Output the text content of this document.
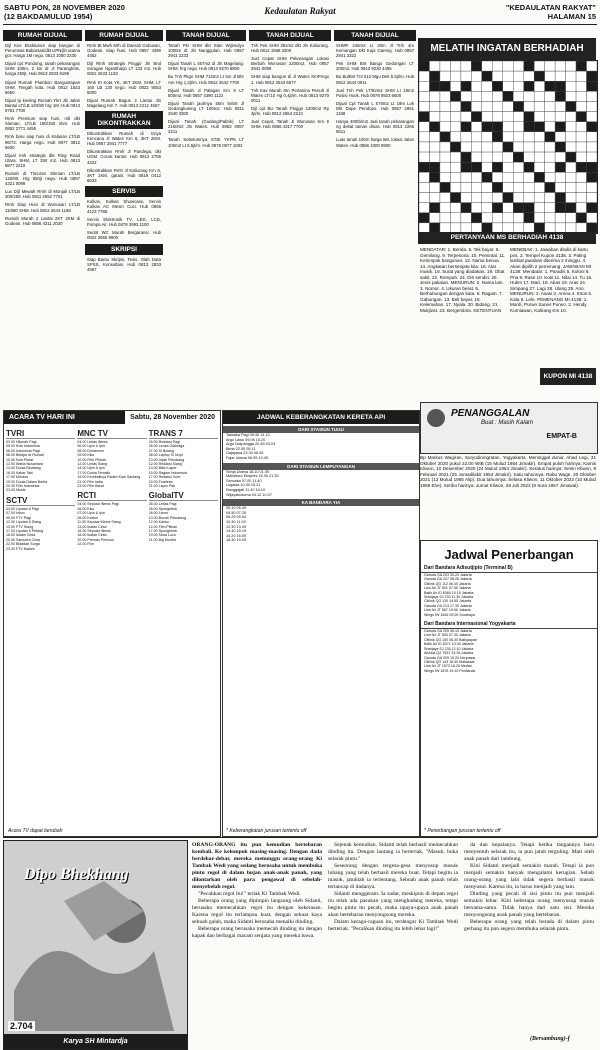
SABTU PON, 28 NOVEMBER 2020
(12 BAKDAMULUD 1954)
Kedaulatan Rakyat	"KEDAULATAN RAKYAT"
HALAMAN 15
RUMAH DIJUAL
Dijl Kos Eksklusive siap bangun di Perumnas Babarsari/dkt UPN/jln utama gor. Harga 1M nego. 0813 1000 2230
Dijual cpt Pundong, tanah pekarangan SHM 100m, 2 km dr Jl Parangtritis, harga 250jt. Hub 0813 2833 8199
Dijual Rumah Plumbon Banguntapan SHM. Tengah kota. Hub 0812 1543 6650
Dijual tp keeling Rumah Ykrt Jln Jalan Bantul LT/LB 120/90 hrg 1M. Hub 0813 9751 7700
Rmh Premium siap huni, mlt dkt Sleman, LT/LB 190/150 shm. Hub 0852 2771 4455
Rmh baru siap huni di Kalasan LT/LB 96/72. Harga nego. Hub 0877 3812 6600
Dijual rmh strategis dkt Ring Road Utara. SHM, LT 250 m2. Hub 0813 9877 2210
Rumah di Timuran Sleman LT/LB 120/80. Hrg 650jt nego. Hub 0857 4321 0099
Lux Dijl Mewah Rmh di Monjali LT/LB 300/250. Hub 0811 2652 7701
Rmh Siap Huni di Wonosari LT/LB 110/80 SHM. Hub 0812 2543 1188
Rumah Murah 2 Lantai 2KT 2KM di Godean. Hub 0856 4311 2020
RUMAH DIJUAL
Rmh Bt Mwh Mrh di Daerah Gobusan, Godean. Siap huni. Hub 0857 4390 4452
Dijl Rmh Strategis Pinggir Jln Bnd Soragan Ngestiharjo LT 133 m2. Hub 0822 2633 1133
Rmh Kt Kota YK, 4KT 2KM, SHM, LT 160 LB 130 nego. Hub 0822 9053 5000
Dijual Rumah Bagus 2 Lantai Jln Magelang Km 7. Hub 0813 2212 4567
RUMAH DIKONTRAKKAN
Dikontrakkan Rumah di Griya Kencana Jl Wates Km 6, 3KT 2KM. Hub 0857 2941 7777
Dikontrakkan Rmh Jl Pandega, dkt UGM. Cocok kantor. Hub 0812 2755 4422
Dikontrakkan Rmh Jl Kaliurang Km 8, 3KT 1KM, garasi. Hub 0818 0412 6633
SERVIS
Kulkas, Kulkas Showcase, Servis Kulkas AC Mesin Cuci. Hub 0856 4123 7788
Servis Elektronik TV, LED, LCD, Pompa Air. Hub 0878 3993 1100
Sedot WC Murah Bergaransi. Hub 0822 2655 9900
SKRIPSI
Siap Bantu Skripsi, Tesis, Olah Data SPSS, Konsultasi. Hub 0813 2833 4567
TANAH DIJUAL
Tanah Pkr SHM dkt Stan Wijimulyo 1000m dt Jln Nanggulan. Hub 0857 2941 2233
Dijual Tanah L 467m2 di Jln Magelang. SHM, hrg nego. Hub 0813 9270 8800
Bu Tnh Pkgn SHM 712m2 Lt 6m Jl Bhr Am Hrg 1,2jt/m. Hub 0812 2542 7700
Dijual Tanah Jl Palagan Km 9 LT 500m2. Hub 0857 4390 1122
Dijual Tanah jauhnya 50m Sebrt Jl Gedongkuning LT 100m2. Hub 0811 2540 3300
Dijual Tanah (Gudang/Pabrik) LT 2160m2 Jln Wates. Hub 0853 0087 2211
Tanah Sebelumnya STIE YKPN LT 100m2 Lt 6,5jt/m. Hub 0878 0977 1002
TANAH DIJUAL
Tnh Pek SHM 391m2 dkt Jln Kaliurang. Hub 0812 1568 3300
Just Cepat SHM Pekarangan Lokasi Berbah Wonosari 2200m2. Hub 0857 2941 0099
SHM siap bangun di Jl Wates KmPrngx 1. Hub 0812 2543 6677
Tnh Kav Murah Stn Pertanina Penuh Jl Wates LT/10 Hg 0,4jt/m. Hub 0813 9270 0011
Dijl cpt BU Tanah Pinggir 1200m2 Rp 4jt/m. Hub 0812 2654 2210
Jual Cepat, Tanah Jl Wonosari Km 9 SHM. Hub 0856 4317 7700
TANAH DIJUAL
SHMP 246m2 Lt 20m Jl Trih 4m Kemangan Dkt Kopi Gareng. Hub 0857 2941 3322
Pek SHM Bnt Bango Gedongan LT 200m2. Hub 0813 9230 4455
Bu Bu/Bnt Tnt 512 Mgu Dek 5.5jt/m. Hub 0812 2544 0911
Jual Tnh Pek LT/92m2 SHM Lt 18m2 Posisi Hook. Hub 0878 0923 6600
Dijual Cpt Tanah L 578m2 Lt 19m Lok Dkt Dupe Pendopo. Hub 0857 2951 1188
Hanya 400rb/m2 Jual tanah pekarangan ng dekat taman dinas. Hub 0813 2266 5511
Luas tanah 100m harga 6M, lokasi Jalan Wates. Hub 0856 4300 9900
MELATIH INGATAN BERHADIAH
PERTANYAAN MS BERHADIAH 4138
MENDATAR: 1. Benda. 5. Tek bayar. 8. Gemilang. 9. Terpesona. 10. Pemintal. 11. Kelompok bangunan. 12. Nama benua. 14. Angkatan bersenjata kita. 16. Alat musik. 18. Surat yang diadakan. 19. Obat sakit. 22. Rempah. 24. Diri sendiri. 25. Jenis pakaian. MENURUN: 2. Nama lain. 3. Nomor. 4. Ukuran berat. 5. Berhubungan dengan kata. 6. Ragam. 7. Gabungan. 13. Beli bayar. 15. Kelemahan. 17. Nyala. 20. Bidang. 21. Mukjizat. 23. Bergembira. KETENTUAN MENEBAK: 1. Jawaban ditulis di kartu pos. 2. Tempel Kupon 4138. 3. Paling lambat jawaban diterima 2 minggu. 4. Akan dipilih 2 pemenang. JAWABAN MI 4138: Mendatar: 1. Paradis 5. Koloni 8. Pria 9. Rase 10. Koki 11. Nilai 14. Tu 16. Hukm 17. Mari. 18. Abas 19. Aras 24. Simpang 27. Lagi 28. Ulang 29. Ano. MENURUN: 2. Asasi 3. Arena 4. Esos 5. Kata 6. Lele. PEMENANG MI 4138: 1. Murdi, Purwo Sanes Purwo. 2. Hendy Kurniawan, Kalirang Km 10.
KUPON MI 4138
PENANGGALAN
Buat : Masih Kalam
EMPAT-B
Bp Markus Wagiran, Suryodiningratan, Yogyakarta. Meninggal dunia: Ahad Legi, 31 Oktober 2020 pukul 22.00 WIB (15 Mulud 1954 Jimakir). Empat puluh harinya: Kamis Kliwon, 10 Desember 2020 (24 Mulud 1954 Jimakir). Seratus harinya: Senin Kliwon, 8 Februari 2021 (25 Jumadilakir 1954 Jimakir). Satu tahunnya: Rabu Wage, 20 Oktober 2021 (13 Mulud 1955 Alip). Dua tahunnya: Selasa Kliwon, 11 Oktober 2022 (10 Mulud 1956 Ehe). Seribu harinya: Jumat Kliwon, 28 Juli 2023 (9 Sura 1957 Jimawal).
Jadwal Penerbangan
Dari Bandara Adisutjipto (Terminal B)
Garuda GA 203 05.20 Jakarta
Garuda GA 207 08.25 Jakarta
Citilink QG 112 06.40 Jakarta
Lion Air JT 551 07.50 Jakarta
Batik Air ID 6365 10.15 Jakarta
Sriwijaya SJ 233 11.30 Jakarta
Citilink QG 130 14.55 Jakarta
Garuda GA 213 17.35 Jakarta
Lion Air JT 567 19.40 Jakarta
Wings IW 1846 09.00 Surabaya
Dari Bandara Internasional Yogyakarta
Garuda GA 205 06.10 Jakarta
Lion Air JT 553 07.35 Jakarta
Citilink QG 150 08.30 Balikpapan
Batik Air ID 6371 10.40 Jakarta
Sriwijaya SJ 235 12.10 Jakarta
AirAsia QZ 7537 13.35 Jakarta
Garuda GA 209 15.20 Denpasar
Citilink QG 143 16.40 Makassar
Lion Air JT 1573 18.20 Medan
Wings IW 1878 19.10 Pontianak
* Penerbangan jurusan tertentu off
ACARA TV HARI INI	Sabtu, 28 November 2020
TVRI
03.00 Hikmah Pagi
05.00 Kuis Indonesia
06.00 Indonesia Pagi
08.00 Belajar dr Rumah
10.00 Kuis Pintar
12.00 Warta Nusantara
14.00 Dunia Binatang
16.00 Kabar Tani
17.00 Mimbar
19.00 Dunia Dalam Berita
20.30 Film Indonesia
23.00 Musik
SCTV
04.00 Liputan 6 Pagi
07.00 Inbox
09.00 FTV Pagi
12.00 Liputan 6 Siang
13.00 FTV Siang
17.00 Liputan 6 Petang
18.00 Ikatan Cinta
20.00 Samudra Cinta
22.00 Bidadari Surga
23.30 FTV Malam
MNC TV
04.00 Lintas iNews
06.00 Upin & Ipin
08.00 Doraemon
09.00 Kiko
10.00 Film Pilihan
12.00 Lintas Siang
14.00 Upin & Ipin
17.00 Dunia Terbalik
19.00 Kembalinya Raden Kian Santang
21.00 Film India
23.00 Film Barat
RCTI
04.00 Seputar iNews Pagi
06.00 Kiko
07.00 Upin & Ipin
08.00 Kartun
11.00 Seputar iNews Siang
13.00 Ikatan Cinta
16.30 Seputar iNews
18.00 Ikatan Cinta
20.00 Preman Pensiun
22.00 Film
TRANS 7
04.00 Redaksi Pagi
06.00 Lensa Olahraga
07.00 Si Bolang
08.00 Laptop Si Unyil
10.00 Jejak Petualang
12.00 Redaksi Siang
13.00 Bikin Laper
15.00 Ragam Indonesia
17.00 Redaksi Sore
19.00 Fearless
21.00 Lapor Pak
GlobalTV
05.00 Lintas Pagi
06.00 Spongebob
08.00 Larva
10.00 Bocah Petualang
12.00 Kartun
14.00 Film Pilihan
17.00 Spongebob
19.00 Tawa Lucu
21.00 Big Movies
Acara TV dapat berubah
JADWAL KEBERANGKATAN KERETA API
DARI STASIUN TUGU
Taksaka Pagi 08.45 14.10
Argo Lawu 09.05 15.20
Argo Dwipangga 20.45 03.03
Bima 22.05 05.11
Gajayana 23.33 06.40
Fajar Utama 06.55 12.45
DARI STASIUN LEMPUYANGAN
Senja Utama 18.10 01.05
Malioboro Ekspres 16.30 21.30
Sancaka 07.00 11.40
Logawa 10.30 15.21
Ranggajati 11.40 16.10
Wijayakusuma 04.12 10.07
KA BANDARA YIA
05.10 05.49
06.50 07.29
08.25 09.04
10.30 11.09
12.30 13.09
14.40 15.19
16.20 16.59
18.30 19.09
* Keberangkatan jurusan tertentu off
Dipo Bhekhang
2.704
Karya SH Mintardja

ORANG-ORANG itu pun kemudian bertebaran kembali. Ke kelompok masing-masing. Dengan dada berdebar-debar, mereka menunggu orang-orang Ki Tambak Wedi yang sedang berusaha untuk membuka pintu regol di dalam hujan anak-anak panah, yang dilontarkan oleh para pengawal di sebelah-menyebelah regol.

"Pecahkan regol itu!" teriak Ki Tambak Wedi.

Beberapa orang yang dipimpin langsung oleh Sidanti, berusaha memecahkan regol itu dengan kekerasan. Karena regol itu terlampau kuat, dengan sekuat kaya sebuah galah, maka Sidanti berusaha menaiki dinding.

Beberapa orang berusaha memecah dinding itu dengan kapak dan berbagai macam senjata yang mereka bawa.

Sejenak kemudian, Sidanti telah berhasil memecahkan dinding itu. Dengan lantang ia berteriak, "Masuk, buka selarak pintu."

Seseorang dengan tergesa-gesa menyusup masuk lubang yang telah berhasil mereka buat. Tetapi begitu ia masuk, jatuhlah ia terlentang. Sebuah anak panah telah tertancap di dadanya.

Sidanti menggeram. Ia sadar, meskipun di depan regol itu telah ada pasukan yang menghadang mereka, tetapi begitu pintu itu pecah, maka upaya-upaya anak panah akan bertebaran menyongsong mereka.

Dalam keragu-raguan itu, terdengar Ki Tambak Wedi berteriak. "Pecahkan dinding itu lebih lebar lagi!"

da dan kepalanya. Tetapi ketika tangannya baru menyentuh selarak itu, ia pun jatuh terguling. Mati oleh anak panah dari lambung.

Kini Sidanti menjadi semakin marah. Tetapi ia pun menjadi semakin banyak mengalami kerugian. Sebab orang-orang yang lain tidak segera berhasil masuk menyusul. Karena itu, ia harus menjadi yang lain.

Dinding yang pecah di sisi pintu itu pun menjadi semakin lebar. Kini beberapa orang menyusup masuk bersama-sama. Tidak hanya dari satu sisi. Mereka menyongsong anak panah yang bertebaran.

Beberapa orang yang telah berada di dalam pintu gerbang itu pun segera membuka selarak pintu.

(Bersambung)-f
